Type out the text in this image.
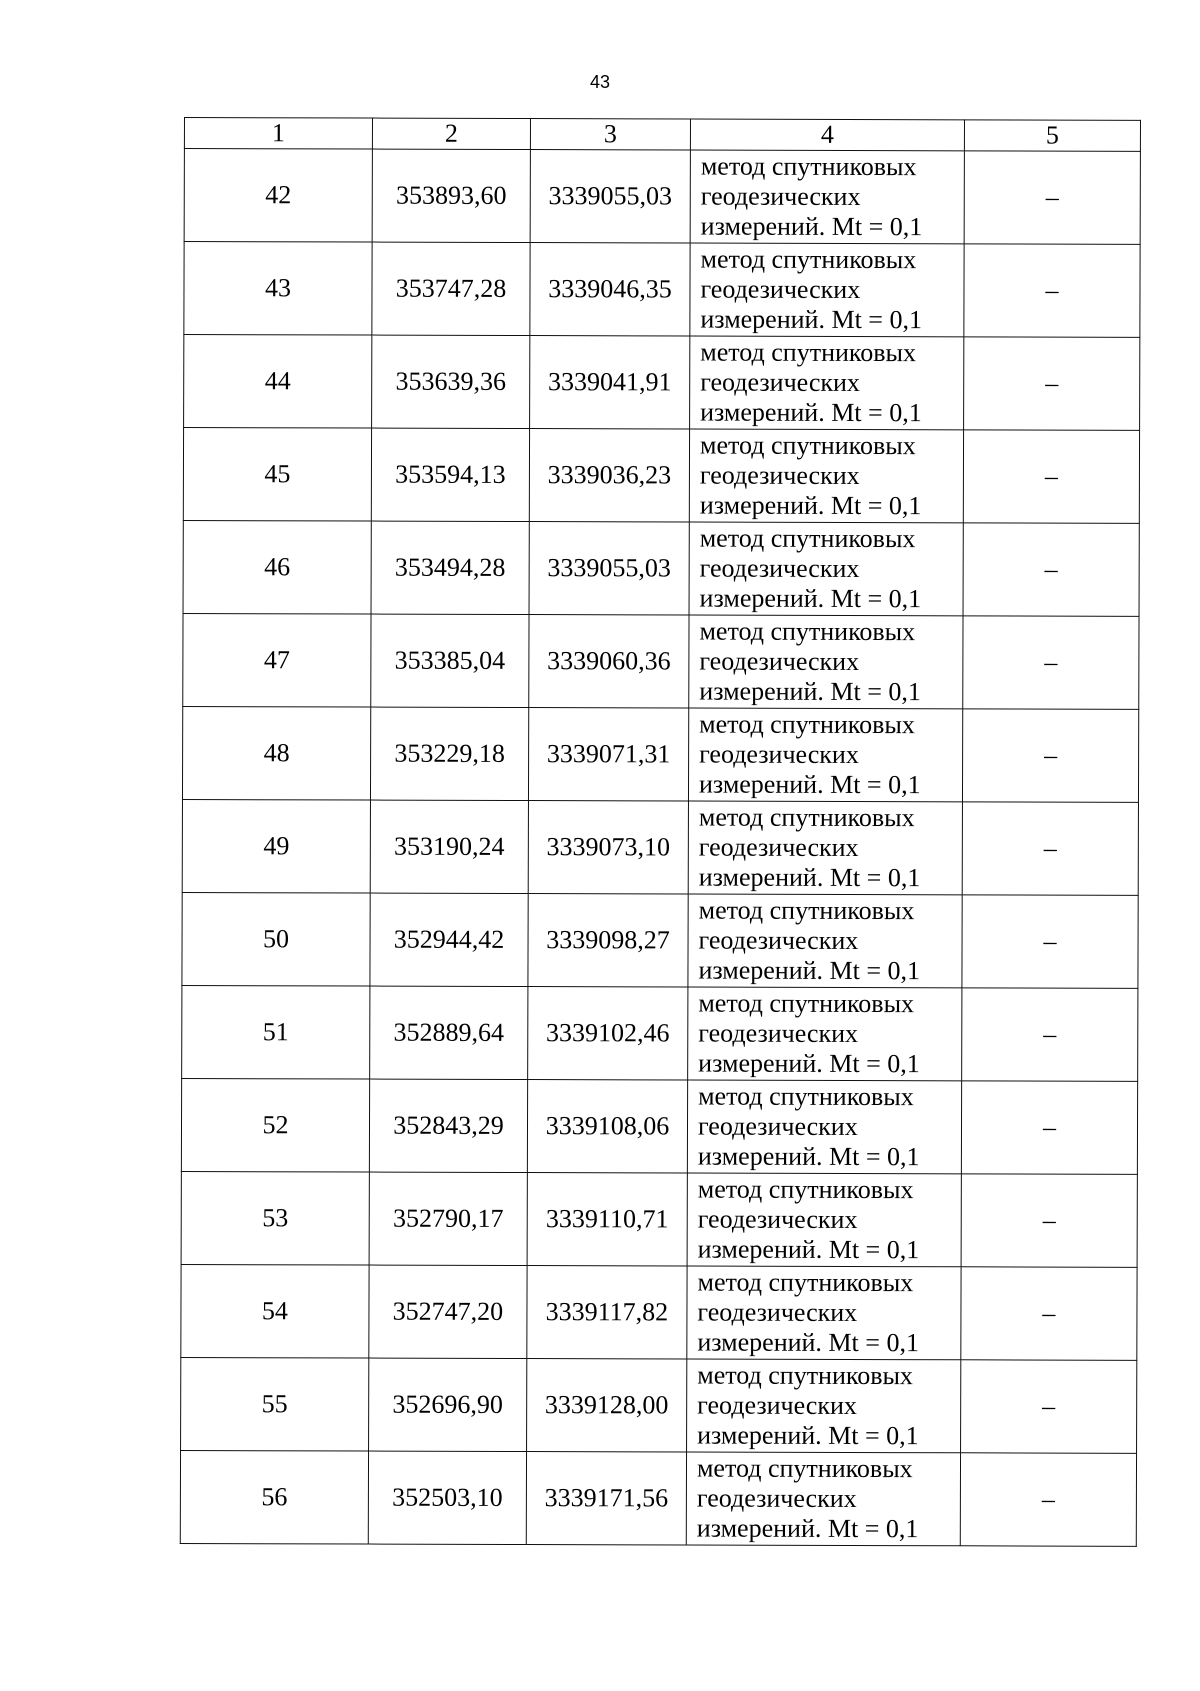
43
1	2	3	4	5
42	353893,60	3339055,03	метод спутниковых
геодезических
измерений. Mt = 0,1	–
43	353747,28	3339046,35	метод спутниковых
геодезических
измерений. Mt = 0,1	–
44	353639,36	3339041,91	метод спутниковых
геодезических
измерений. Mt = 0,1	–
45	353594,13	3339036,23	метод спутниковых
геодезических
измерений. Mt = 0,1	–
46	353494,28	3339055,03	метод спутниковых
геодезических
измерений. Mt = 0,1	–
47	353385,04	3339060,36	метод спутниковых
геодезических
измерений. Mt = 0,1	–
48	353229,18	3339071,31	метод спутниковых
геодезических
измерений. Mt = 0,1	–
49	353190,24	3339073,10	метод спутниковых
геодезических
измерений. Mt = 0,1	–
50	352944,42	3339098,27	метод спутниковых
геодезических
измерений. Mt = 0,1	–
51	352889,64	3339102,46	метод спутниковых
геодезических
измерений. Mt = 0,1	–
52	352843,29	3339108,06	метод спутниковых
геодезических
измерений. Mt = 0,1	–
53	352790,17	3339110,71	метод спутниковых
геодезических
измерений. Mt = 0,1	–
54	352747,20	3339117,82	метод спутниковых
геодезических
измерений. Mt = 0,1	–
55	352696,90	3339128,00	метод спутниковых
геодезических
измерений. Mt = 0,1	–
56	352503,10	3339171,56	метод спутниковых
геодезических
измерений. Mt = 0,1	–
